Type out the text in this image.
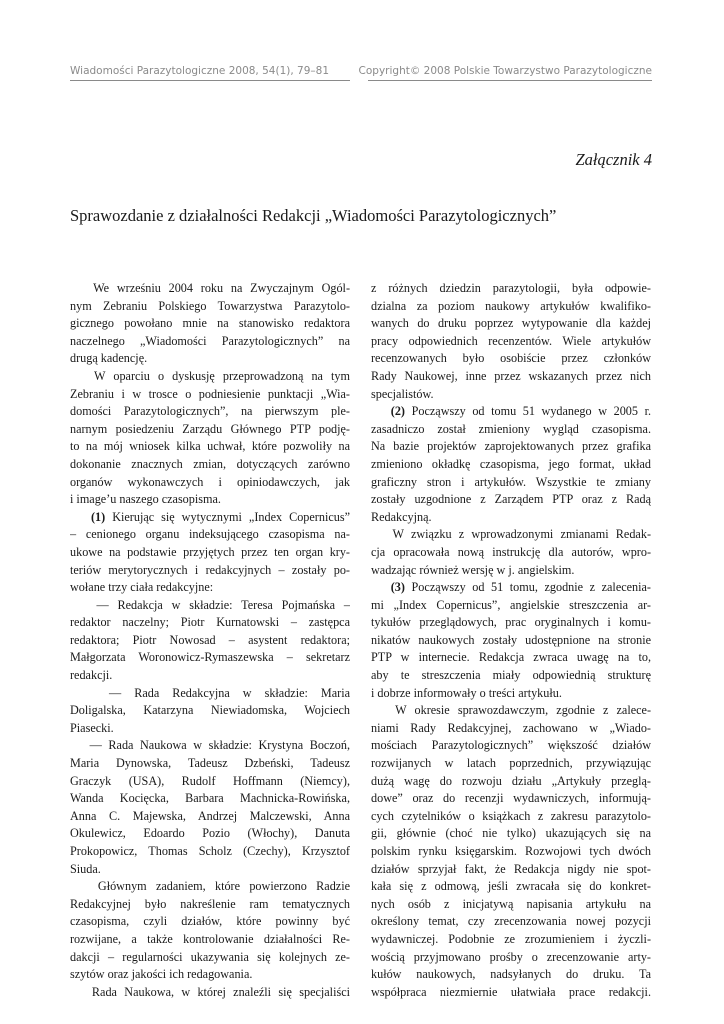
Wiadomości Parazytologiczne 2008, 54(1), 79–81	Copyright© 2008 Polskie Towarzystwo Parazytologiczne
Załącznik 4
Sprawozdanie z działalności Redakcji „Wiadomości Parazytologicznych”
We wrześniu 2004 roku na Zwyczajnym Ogól-
nym Zebraniu Polskiego Towarzystwa Parazytolo-
gicznego powołano mnie na stanowisko redaktora
naczelnego „Wiadomości Parazytologicznych” na
drugą kadencję.
W oparciu o dyskusję przeprowadzoną na tym
Zebraniu i w trosce o podniesienie punktacji „Wia-
domości Parazytologicznych”, na pierwszym ple-
narnym posiedzeniu Zarządu Głównego PTP podję-
to na mój wniosek kilka uchwał, które pozwoliły na
dokonanie znacznych zmian, dotyczących zarówno
organów wykonawczych i opiniodawczych, jak
i image’u naszego czasopisma.
(1) Kierując się wytycznymi „Index Copernicus”
– cenionego organu indeksującego czasopisma na-
ukowe na podstawie przyjętych przez ten organ kry-
teriów merytorycznych i redakcyjnych – zostały po-
wołane trzy ciała redakcyjne:
— Redakcja w składzie: Teresa Pojmańska –
redaktor naczelny; Piotr Kurnatowski – zastępca
redaktora; Piotr Nowosad – asystent redaktora;
Małgorzata Woronowicz-Rymaszewska – sekretarz
redakcji.
— Rada Redakcyjna w składzie: Maria
Doligalska, Katarzyna Niewiadomska, Wojciech
Piasecki.
— Rada Naukowa w składzie: Krystyna Boczoń,
Maria Dynowska, Tadeusz Dzbeński, Tadeusz
Graczyk (USA), Rudolf Hoffmann (Niemcy),
Wanda Kocięcka, Barbara Machnicka-Rowińska,
Anna C. Majewska, Andrzej Malczewski, Anna
Okulewicz, Edoardo Pozio (Włochy), Danuta
Prokopowicz, Thomas Scholz (Czechy), Krzysztof
Siuda.
Głównym zadaniem, które powierzono Radzie
Redakcyjnej było nakreślenie ram tematycznych
czasopisma, czyli działów, które powinny być
rozwijane, a także kontrolowanie działalności Re-
dakcji – regularności ukazywania się kolejnych ze-
szytów oraz jakości ich redagowania.
Rada Naukowa, w której znaleźli się specjaliści
z różnych dziedzin parazytologii, była odpowie-
dzialna za poziom naukowy artykułów kwalifiko-
wanych do druku poprzez wytypowanie dla każdej
pracy odpowiednich recenzentów. Wiele artykułów
recenzowanych było osobiście przez członków
Rady Naukowej, inne przez wskazanych przez nich
specjalistów.
(2) Począwszy od tomu 51 wydanego w 2005 r.
zasadniczo został zmieniony wygląd czasopisma.
Na bazie projektów zaprojektowanych przez grafika
zmieniono okładkę czasopisma, jego format, układ
graficzny stron i artykułów. Wszystkie te zmiany
zostały uzgodnione z Zarządem PTP oraz z Radą
Redakcyjną.
W związku z wprowadzonymi zmianami Redak-
cja opracowała nową instrukcję dla autorów, wpro-
wadzając również wersję w j. angielskim.
(3) Począwszy od 51 tomu, zgodnie z zalecenia-
mi „Index Copernicus”, angielskie streszczenia ar-
tykułów przeglądowych, prac oryginalnych i komu-
nikatów naukowych zostały udostępnione na stronie
PTP w internecie. Redakcja zwraca uwagę na to,
aby te streszczenia miały odpowiednią strukturę
i dobrze informowały o treści artykułu.
W okresie sprawozdawczym, zgodnie z zalece-
niami Rady Redakcyjnej, zachowano w „Wiado-
mościach Parazytologicznych” większość działów
rozwijanych w latach poprzednich, przywiązując
dużą wagę do rozwoju działu „Artykuły przeglą-
dowe” oraz do recenzji wydawniczych, informują-
cych czytelników o książkach z zakresu parazytolo-
gii, głównie (choć nie tylko) ukazujących się na
polskim rynku księgarskim. Rozwojowi tych dwóch
działów sprzyjał fakt, że Redakcja nigdy nie spot-
kała się z odmową, jeśli zwracała się do konkret-
nych osób z inicjatywą napisania artykułu na
określony temat, czy zrecenzowania nowej pozycji
wydawniczej. Podobnie ze zrozumieniem i życzli-
wością przyjmowano prośby o zrecenzowanie arty-
kułów naukowych, nadsyłanych do druku. Ta
współpraca niezmiernie ułatwiała prace redakcji.
